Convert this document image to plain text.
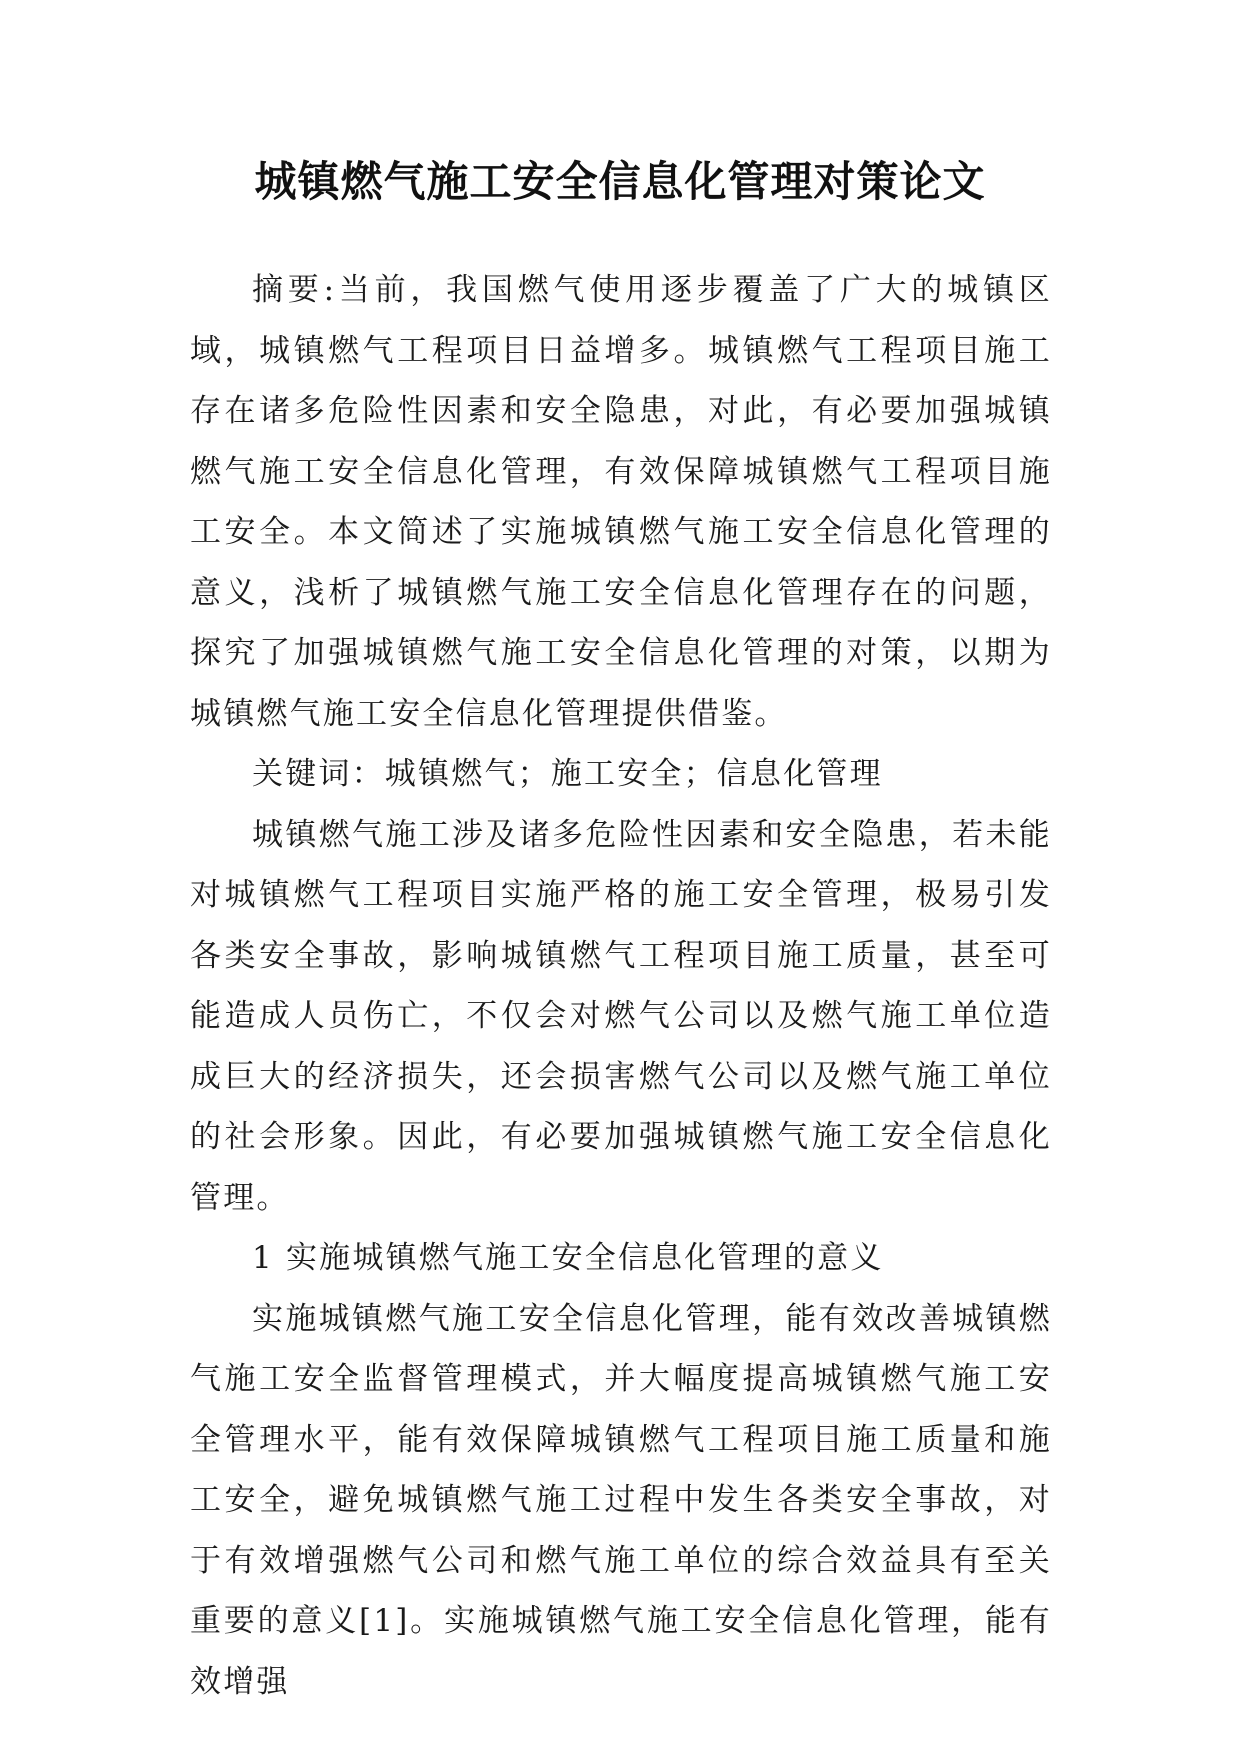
城镇燃气施工安全信息化管理对策论文

摘要:当前，我国燃气使用逐步覆盖了广大的城镇区域，城镇燃气工程项目日益增多。城镇燃气工程项目施工存在诸多危险性因素和安全隐患，对此，有必要加强城镇燃气施工安全信息化管理，有效保障城镇燃气工程项目施工安全。本文简述了实施城镇燃气施工安全信息化管理的意义，浅析了城镇燃气施工安全信息化管理存在的问题，探究了加强城镇燃气施工安全信息化管理的对策，以期为城镇燃气施工安全信息化管理提供借鉴。

关键词：城镇燃气；施工安全；信息化管理

城镇燃气施工涉及诸多危险性因素和安全隐患，若未能对城镇燃气工程项目实施严格的施工安全管理，极易引发各类安全事故，影响城镇燃气工程项目施工质量，甚至可能造成人员伤亡，不仅会对燃气公司以及燃气施工单位造成巨大的经济损失，还会损害燃气公司以及燃气施工单位的社会形象。因此，有必要加强城镇燃气施工安全信息化管理。

1 实施城镇燃气施工安全信息化管理的意义

实施城镇燃气施工安全信息化管理，能有效改善城镇燃气施工安全监督管理模式，并大幅度提高城镇燃气施工安全管理水平，能有效保障城镇燃气工程项目施工质量和施工安全，避免城镇燃气施工过程中发生各类安全事故，对于有效增强燃气公司和燃气施工单位的综合效益具有至关重要的意义[1]。实施城镇燃气施工安全信息化管理，能有效增强
